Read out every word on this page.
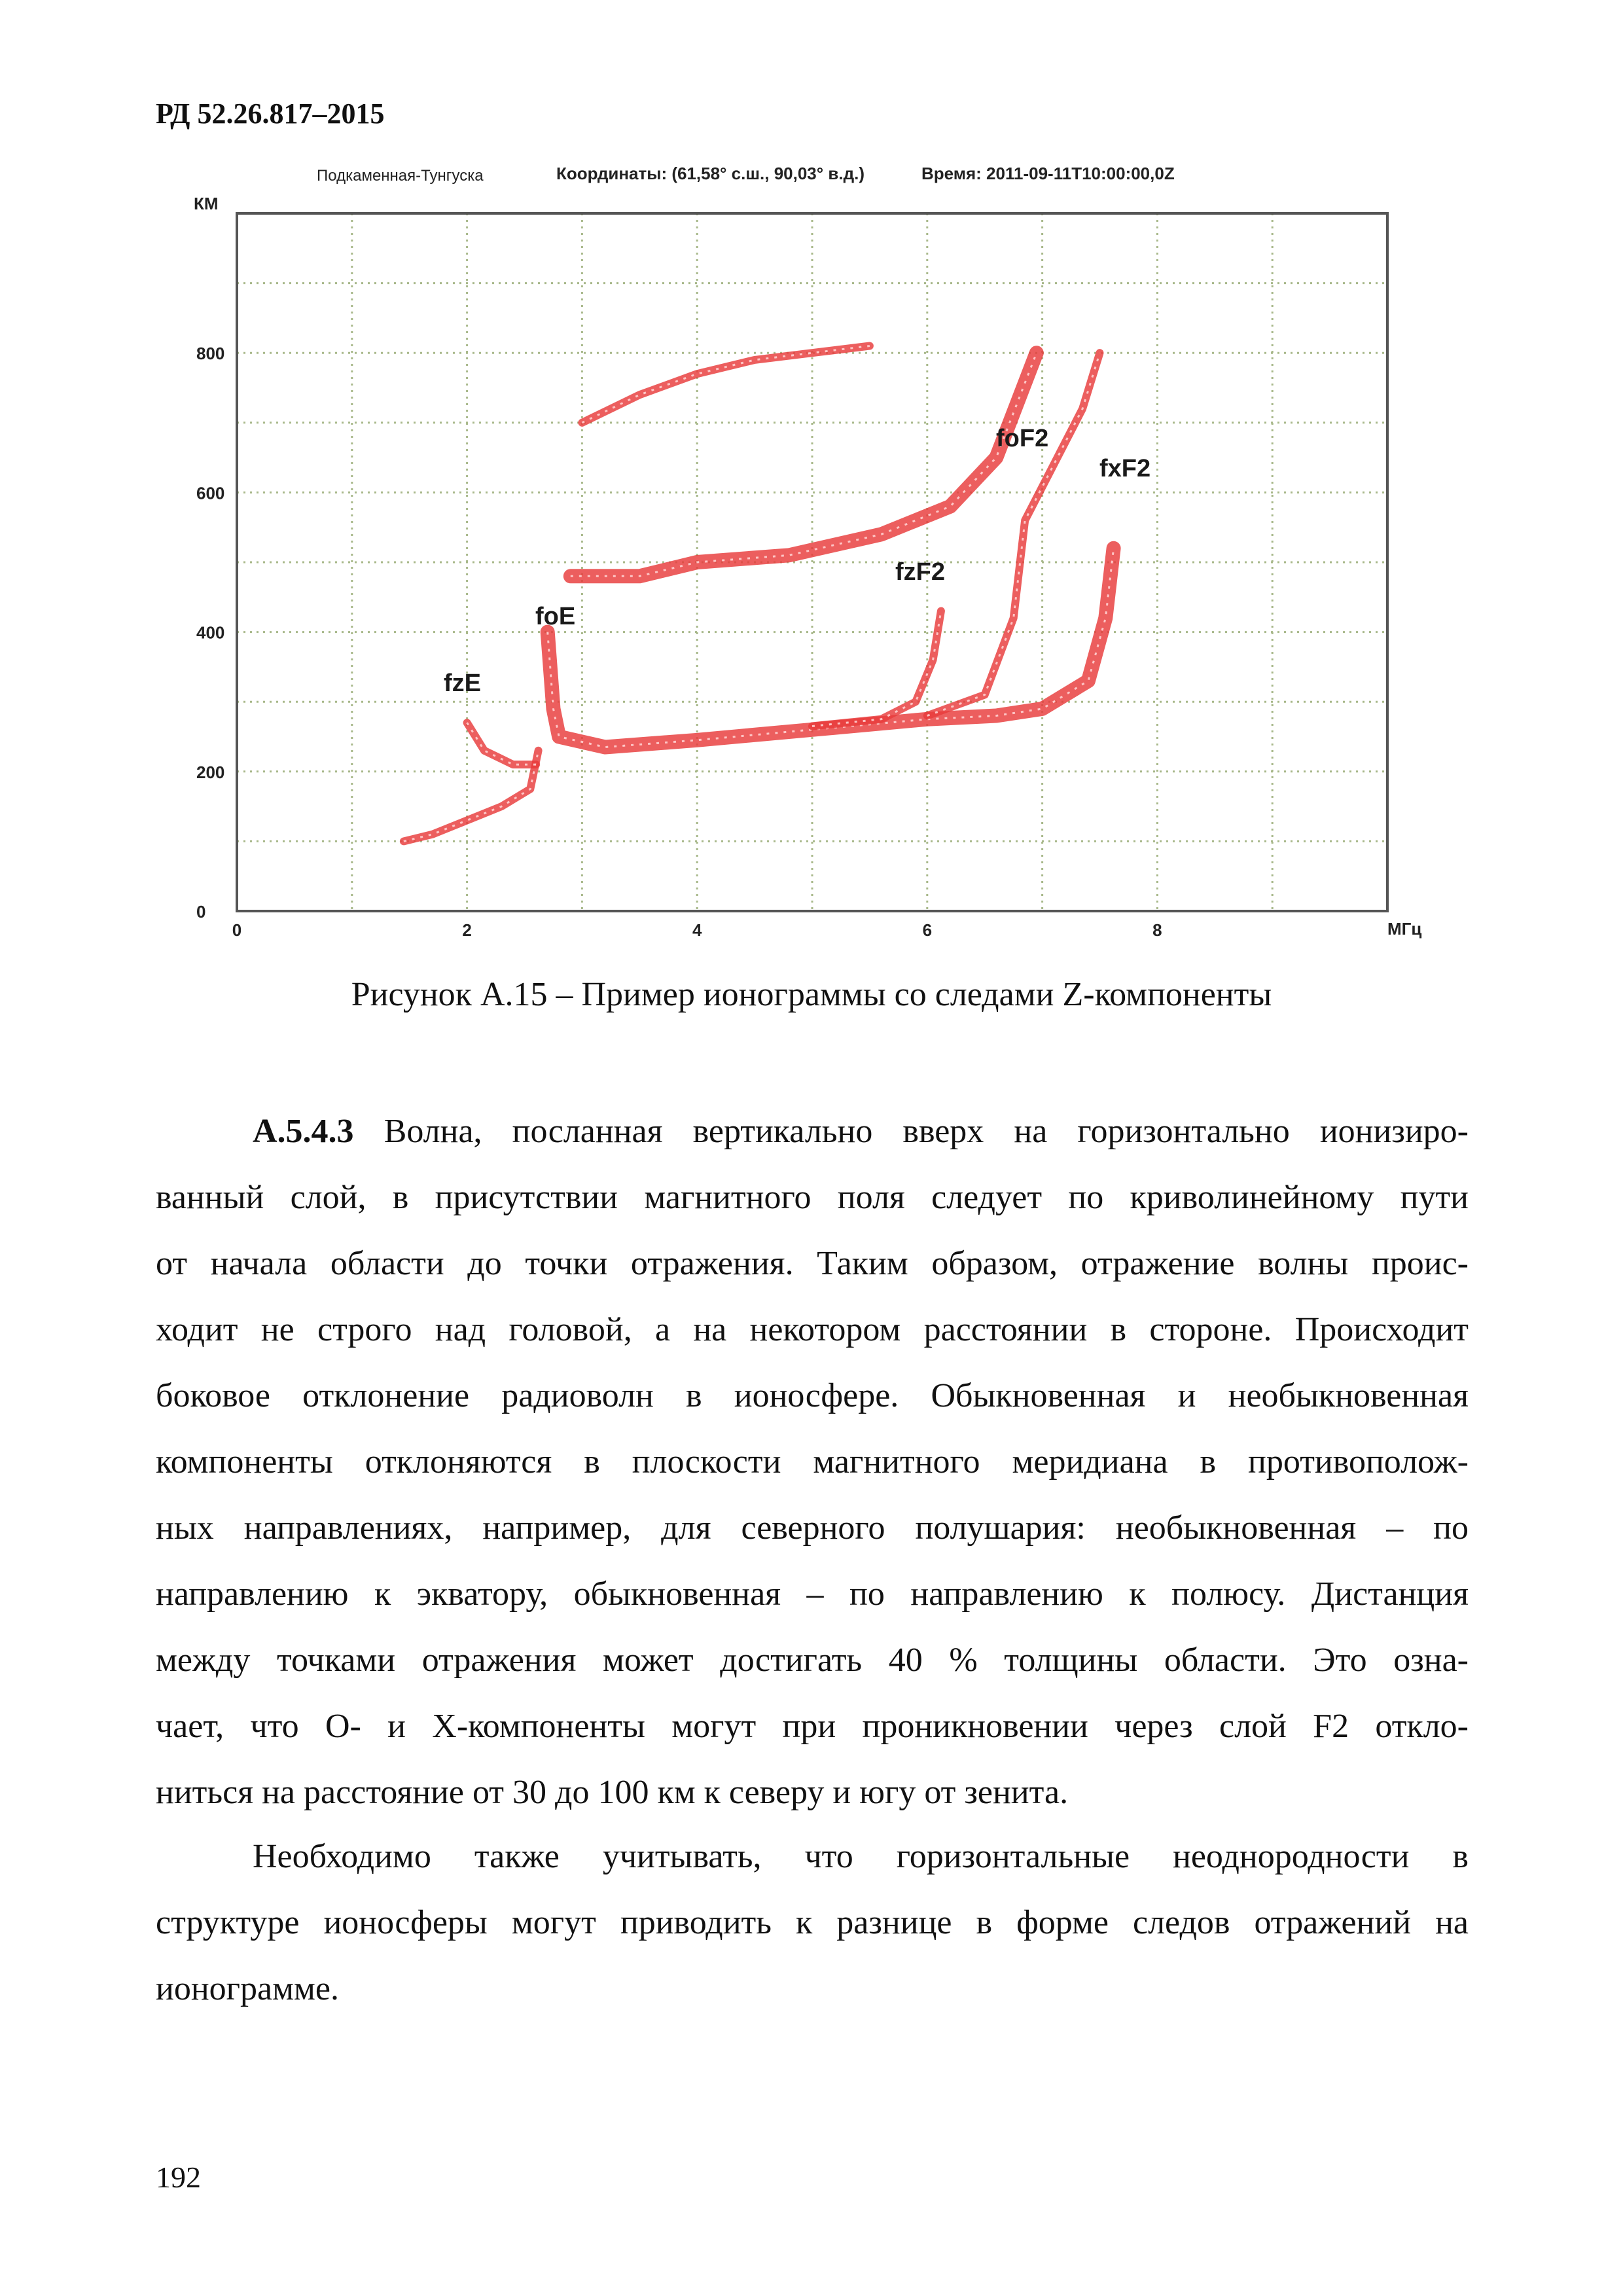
РД 52.26.817–2015
Подкаменная-Тунгуска	Координаты: (61,58° с.ш., 90,03° в.д.)	Время: 2011-09-11T10:00:00,0Z
КМ
МГц
800
600
400
200
0
0	2	4	6	8
foF2
fxF2
fzF2
foE
fzE
Рисунок А.15 – Пример ионограммы со следами Z-компоненты
А.5.4.3 Волна, посланная вертикально вверх на горизонтально ионизиро-
ванный слой, в присутствии магнитного поля следует по криволинейному пути
от начала области до точки отражения. Таким образом, отражение волны проис-
ходит не строго над головой, а на некотором расстоянии в стороне. Происходит
боковое отклонение радиоволн в ионосфере. Обыкновенная и необыкновенная
компоненты отклоняются в плоскости магнитного меридиана в противополож-
ных направлениях, например, для северного полушария: необыкновенная – по
направлению к экватору, обыкновенная – по направлению к полюсу. Дистанция
между точками отражения может достигать 40 % толщины области. Это озна-
чает, что О- и X-компоненты могут при проникновении через слой F2 откло-
ниться на расстояние от 30 до 100 км к северу и югу от зенита.
Необходимо также учитывать, что горизонтальные неоднородности в
структуре ионосферы могут приводить к разнице в форме следов отражений на
ионограмме.
192
